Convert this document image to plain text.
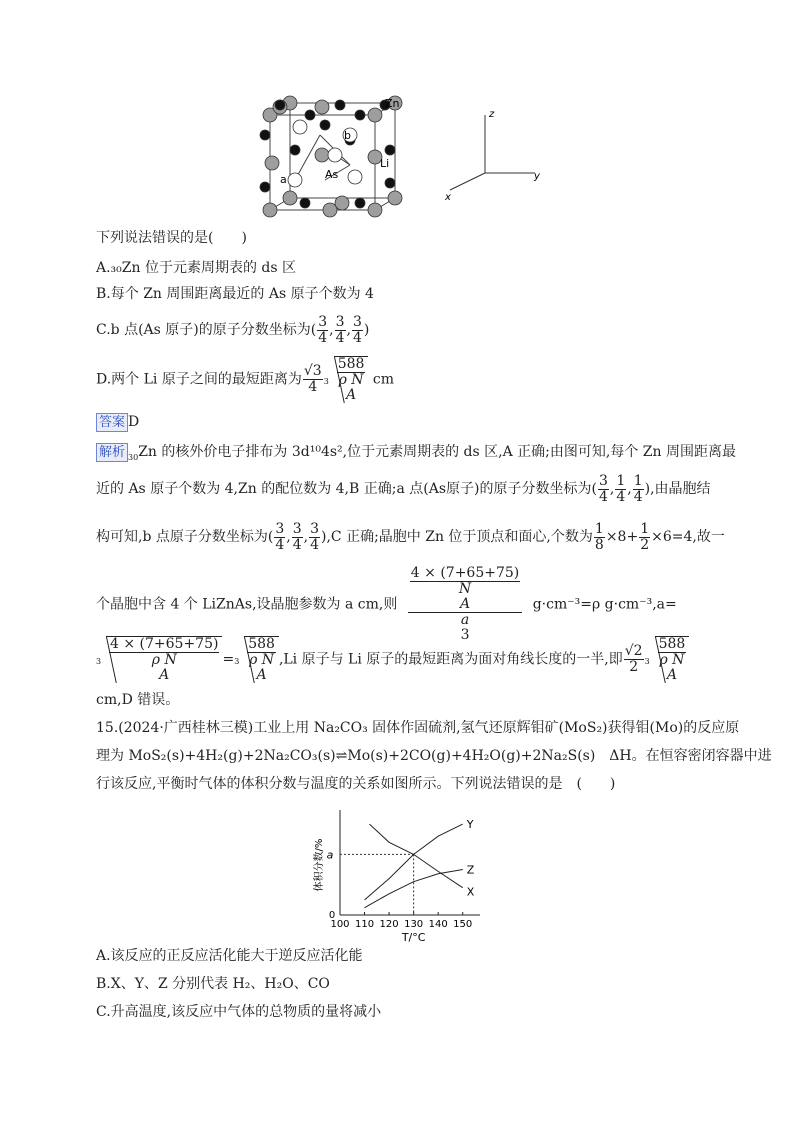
Zn
Li
As
a
b
z
y
x
下列说法错误的是(　　)
A.₃₀Zn 位于元素周期表的 ds 区
B.每个 Zn 周围距离最近的 As 原子个数为 4
C.b 点(As 原子)的原子分数坐标为( $\frac{3}{4}$ , $\frac{3}{4}$ , $\frac{3}{4}$ )
D.两个 Li 原子之间的最短距离为 $\frac{√3}{4} 3$ 588
ρ N
A cm
答案 D
解析 $_{30}$Zn 的核外价电子排布为 3d¹⁰4s²,位于元素周期表的 ds 区,A 正确;由图可知,每个 Zn 周围距离最
近的 As 原子个数为 4,Zn 的配位数为 4,B 正确;a 点(As原子)的原子分数坐标为( $\frac{3}{4}$ , $\frac{1}{4}$ , $\frac{1}{4}$ ),由晶胞结
构可知,b 点原子分数坐标为( $\frac{3}{4}$ , $\frac{3}{4}$ , $\frac{3}{4} ),C$ 正确;晶胞中 Zn 位于顶点和面心,个数为 $\frac{1}{8} \times 8+ \frac{1}{2} \times 6=4$,故一
个晶胞中含 4 个 LiZnAs,设晶胞参数为 a cm,则 4 × (7+65+75)
N
A
a
3 g·cm⁻³=ρ g·cm⁻³,a=
3 4 × (7+65+75)
ρ N
A = 3 588
ρ N
A ,Li 原子与 Li 原子的最短距离为面对角线长度的一半,即 $\frac{√2}{2} 3$ 588
ρ N
A
cm,D 错误。
15.(2024·广西桂林三模)工业上用 Na₂CO₃ 固体作固硫剂,氢气还原辉钼矿(MoS₂)获得钼(Mo)的反应原
理为 MoS₂(s)+4H₂(g)+2Na₂CO₃(s)⇌Mo(s)+2CO(g)+4H₂O(g)+2Na₂S(s)　ΔH。在恒容密闭容器中进
行该反应,平衡时气体的体积分数与温度的关系如图所示。下列说法错误的是　(　　)
100 110 120 130 140 150
a
0
X
Y
Z
体积分数/%
T/°C
A.该反应的正反应活化能大于逆反应活化能
B.X、Y、Z 分别代表 H₂、H₂O、CO
C.升高温度,该反应中气体的总物质的量将减小
